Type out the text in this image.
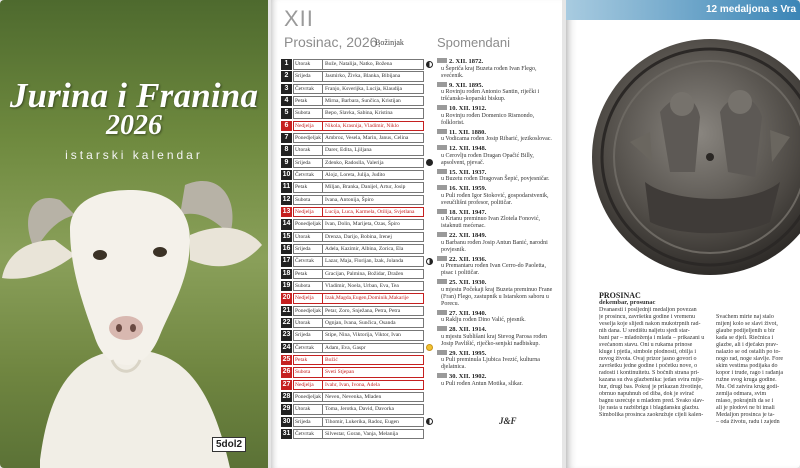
Jurina i Franina
2026
istarski kalendar
5dol2
XII
Prosinac, 2026.
Božinjak	Spomendani
1	Utorak	Bože, Natalija, Natko, Božena
2	Srijeda	Jasmirko, Živka, Blanka, Bibijana
3	Četvrtak	Franjo, Ksverijka, Lucija, Klaudija
4	Petak	Mirna, Barbara, Sunčica, Kristijan
5	Subota	Bepo, Slavka, Sabina, Kristina
6	Nedjelja	Nikola, Krasnija, Vladimir, Niklo
7	Ponedjeljak Ambroz, Vesela, Marin, Janus, Celina
8	Utorak	Darer, Edita, Ljiljana
9	Srijeda	Zdenko, Radoslla, Valerija
10 Četvrtak	Alojz, Loreta, Julija, Judito
11 Petak	Miljan, Branka, Danijel, Artur, Josip
12 Subota	Ivana, Antonija, Špiro
13 Nedjelja	Lucija, Luca, Karmela, Otilija, Svjetlana
14 Ponedjeljak Ivan, Dolin, Marijeta, Ozas, Špiro
15 Utorak	Drenza, Darijo, Bobina, Irenej
16 Srijeda	Adela, Kazimir, Albina, Zorica, Ela
17 Četvrtak	Lazar, Maja, Florijan, Izak, Jolanda
18 Petak	Gracijan, Palmina, Božidar, Dražen
19 Subota	Vladimir, Noela, Urban, Eva, Tea
20 Nedjelja	Izak,Magda,Eugen,Dominik,Makarije
21 Ponedjeljak Petar, Zoro, Snježana, Petra, Petra
22 Utorak	Ognjan, Ivana, Sunčica, Osanda
23 Srijeda	Stipe, Nina, Viktorija, Viktor, Ivan
24 Četvrtak	Adam, Eva, Gaspr
25 Petak	Božić
26 Subota	Sveti Stjepan
27 Nedjelja	Ivahr, Ivan, Ivona, Adela
28 Ponedjeljak Neven, Nevenka, Mladen
29 Utorak	Toma, Jerotka, David, Davorka
30 Srijeda	Tihomir, Lukerika, Radoz, Eugen
31 Četvrtak	Silvestar, Goran, Vanja, Melanija
2. XII. 1872.
u Šepriča kraj Buzeta rođen Ivan Flego, svećenik.
9. XII. 1895.
u Rovinju rođen Antonio Santin, riječki i tršćansko-koparski biskup.
10. XII. 1912.
u Rovinju rođen Domenico Rismondo, folklorist.
11. XII. 1880.
u Vodicama rođen Josip Ribarić, jezikoslovac.
12. XII. 1948.
u Cerovlju rođen Dragan Opačić Billy, apsolvent, pjevač.
15. XII. 1937.
u Buzetu rođen Dragovan Šepić, povjesničar.
16. XII. 1959.
u Puli rođen Igor Stoković, gospodarstvenik, sveučilišni profesor, političar.
18. XII. 1947.
u Krtanu preminuo Ivan Zlotela Fonović, istaknuti mećenac.
22. XII. 1849.
u Barbanu rođen Josip Antun Banić, narodni povjesnik.
22. XII. 1936.
u Premantaru rođen Ivan Cerro-do Paoletta, pisac i političar.
25. XII. 1930.
u mjestu Počekaji kraj Buzeta preminuo Frane (Fran) Flego, zastupnik u Istarskom saboru u Porecu.
27. XII. 1940.
u Raklju rođen Dino Valić, pjesnik.
28. XII. 1914.
u mjestu Sublišani kraj Stevog Parosa rođen Josip Pavlišić, riječko-senjski nadbiskup.
29. XII. 1995.
u Puli preminula Ljubica Ivezić, kulturna djelatnica.
30. XII. 1902.
u Puli rođen Antun Motika, slikar.
J&F
12 medaljona s Vra
PROSINAC
dekembar, prosunac
Dvanaesti i posljednji medaljon povezan
je prosincu, završetku godine i vremenu
veselja koje slijedi nakon mukotrpnih rad-
nih dana. U središtu naljetu sjedi star-
bani par – mladoženja i mlada – prikazani u
svečanom stavu. Oni u rukama prinose
kluge i pjetla, simbole plodnosti, obilja i
novog života. Ovaj prizor jasno govori o
završetku jedne godine i početku nove, o
radosti i kontinuitetu. S bočnih strana pri-
kazana su dva glazbenika: jedan svira mije-
hur, drugi bas. Pokraj je prikazan životinje,
obrnuo napuhnuh od diba, dok je svirač
bagnu usrećuje u mladom pred. Svako slav-
lje rasta u razbibrigu i blagdansku glazbu.
Simbolika prosinca zaokružuje cijeli kalen-
Svaćhem mirte naj stalo
mijenj kolo se slavi život,
glaube podijeljenih u bir
kada se djeli. Riečnica i
glazbe, ali i dječakn prav-
nalazio se od ostalih po to-
nogo rad, noge slavlje. Fore
skim vestima podijaka do
kopor i trude, rago i rađanja
ružne svog kruga godine.
Mu. Od zatvira krug godi-
zemlja odmara, svim
mlaso, pokrajnih da se i
ali je plodovi ne bi imali
Medaljon prosinca je ta-
– oda životu, radu i zajedn
